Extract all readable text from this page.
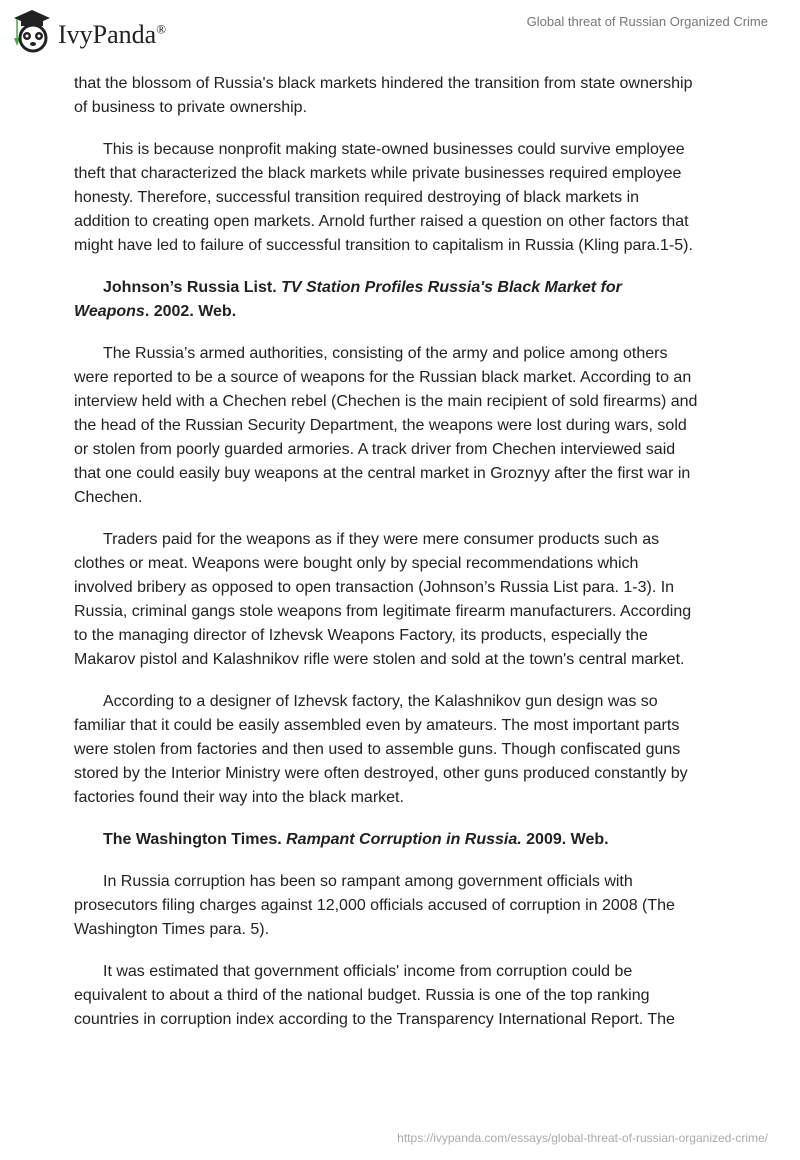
IvyPanda®	Global threat of Russian Organized Crime
that the blossom of Russia's black markets hindered the transition from state ownership
of business to private ownership.
This is because nonprofit making state-owned businesses could survive employee
theft that characterized the black markets while private businesses required employee
honesty. Therefore, successful transition required destroying of black markets in
addition to creating open markets. Arnold further raised a question on other factors that
might have led to failure of successful transition to capitalism in Russia (Kling para.1-5).
Johnson’s Russia List. TV Station Profiles Russia's Black Market for
Weapons. 2002. Web.
The Russia’s armed authorities, consisting of the army and police among others
were reported to be a source of weapons for the Russian black market. According to an
interview held with a Chechen rebel (Chechen is the main recipient of sold firearms) and
the head of the Russian Security Department, the weapons were lost during wars, sold
or stolen from poorly guarded armories. A track driver from Chechen interviewed said
that one could easily buy weapons at the central market in Groznyy after the first war in
Chechen.
Traders paid for the weapons as if they were mere consumer products such as
clothes or meat. Weapons were bought only by special recommendations which
involved bribery as opposed to open transaction (Johnson’s Russia List para. 1-3). In
Russia, criminal gangs stole weapons from legitimate firearm manufacturers. According
to the managing director of Izhevsk Weapons Factory, its products, especially the
Makarov pistol and Kalashnikov rifle were stolen and sold at the town's central market.
According to a designer of Izhevsk factory, the Kalashnikov gun design was so
familiar that it could be easily assembled even by amateurs. The most important parts
were stolen from factories and then used to assemble guns. Though confiscated guns
stored by the Interior Ministry were often destroyed, other guns produced constantly by
factories found their way into the black market.
The Washington Times. Rampant Corruption in Russia. 2009. Web.
In Russia corruption has been so rampant among government officials with
prosecutors filing charges against 12,000 officials accused of corruption in 2008 (The
Washington Times para. 5).
It was estimated that government officials' income from corruption could be
equivalent to about a third of the national budget. Russia is one of the top ranking
countries in corruption index according to the Transparency International Report. The
https://ivypanda.com/essays/global-threat-of-russian-organized-crime/
